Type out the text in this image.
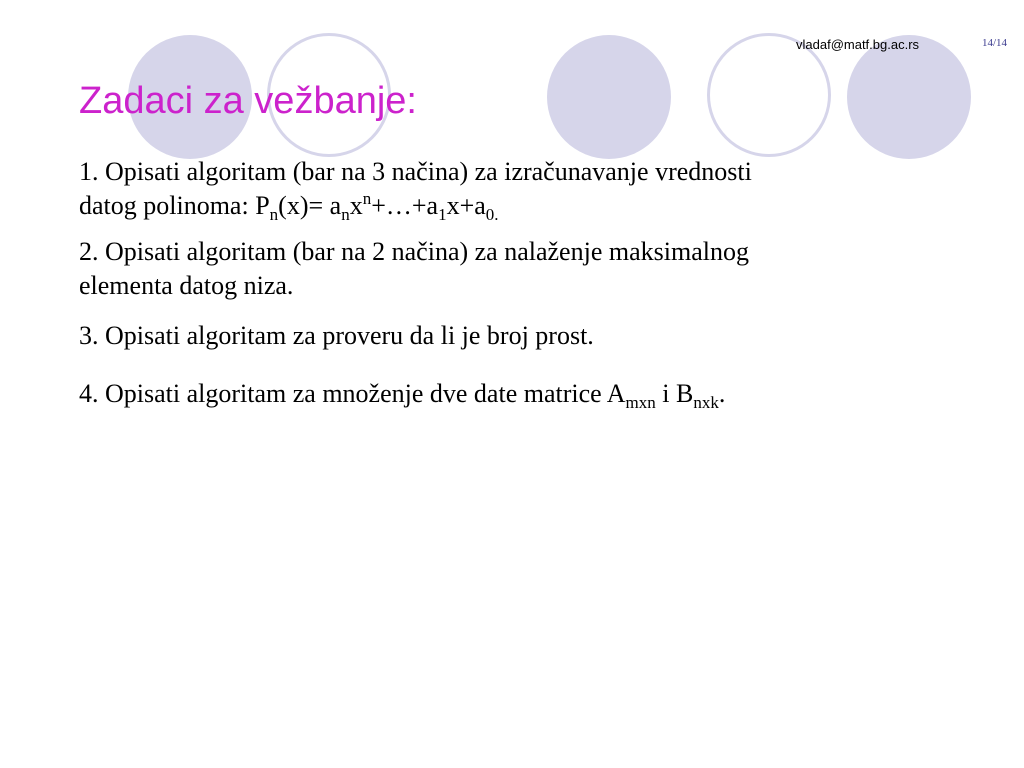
vladaf@matf.bg.ac.rs	14/14
Zadaci za vežbanje:

1. Opisati algoritam (bar na 3 načina) za izračunavanje vrednosti
datog polinoma: $P_n(x)=$ $a_nx^n+\dots+a_1x+a_{0.}$

2. Opisati algoritam (bar na 2 načina) za nalaženje maksimalnog
elementa datog niza.

3. Opisati algoritam za proveru da li je broj prost.

4. Opisati algoritam za množenje dve date matrice $A_{mxn}$ i $B_{nxk}$.
